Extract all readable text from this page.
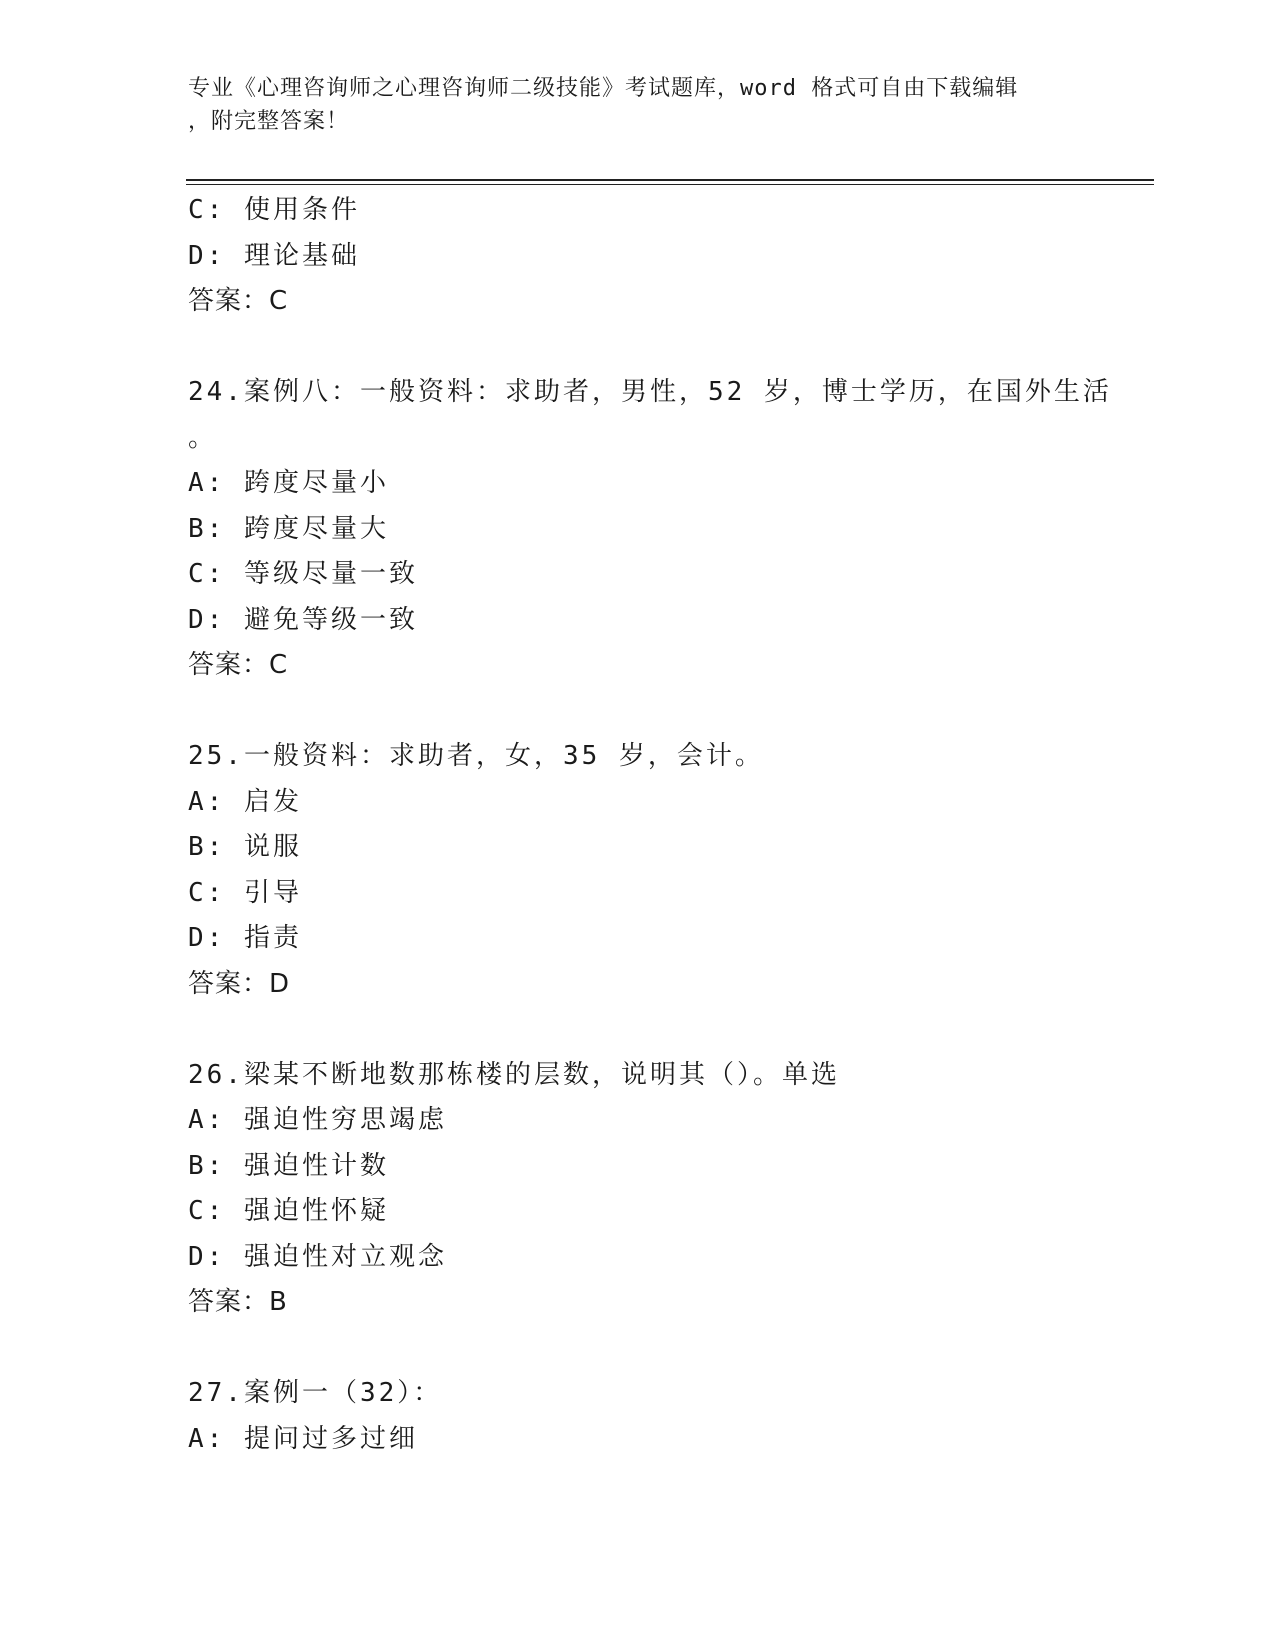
专业《心理咨询师之心理咨询师二级技能》考试题库，word 格式可自由下载编辑
，附完整答案！
C: 使用条件
D: 理论基础
答案：C
24.案例八：一般资料：求助者，男性，52 岁，博士学历，在国外生活
。
A: 跨度尽量小
B: 跨度尽量大
C: 等级尽量一致
D: 避免等级一致
答案：C
25.一般资料：求助者，女，35 岁，会计。
A: 启发
B: 说服
C: 引导
D: 指责
答案：D
26.梁某不断地数那栋楼的层数，说明其（）。单选
A: 强迫性穷思竭虑
B: 强迫性计数
C: 强迫性怀疑
D: 强迫性对立观念
答案：B
27.案例一（32）：
A: 提问过多过细
